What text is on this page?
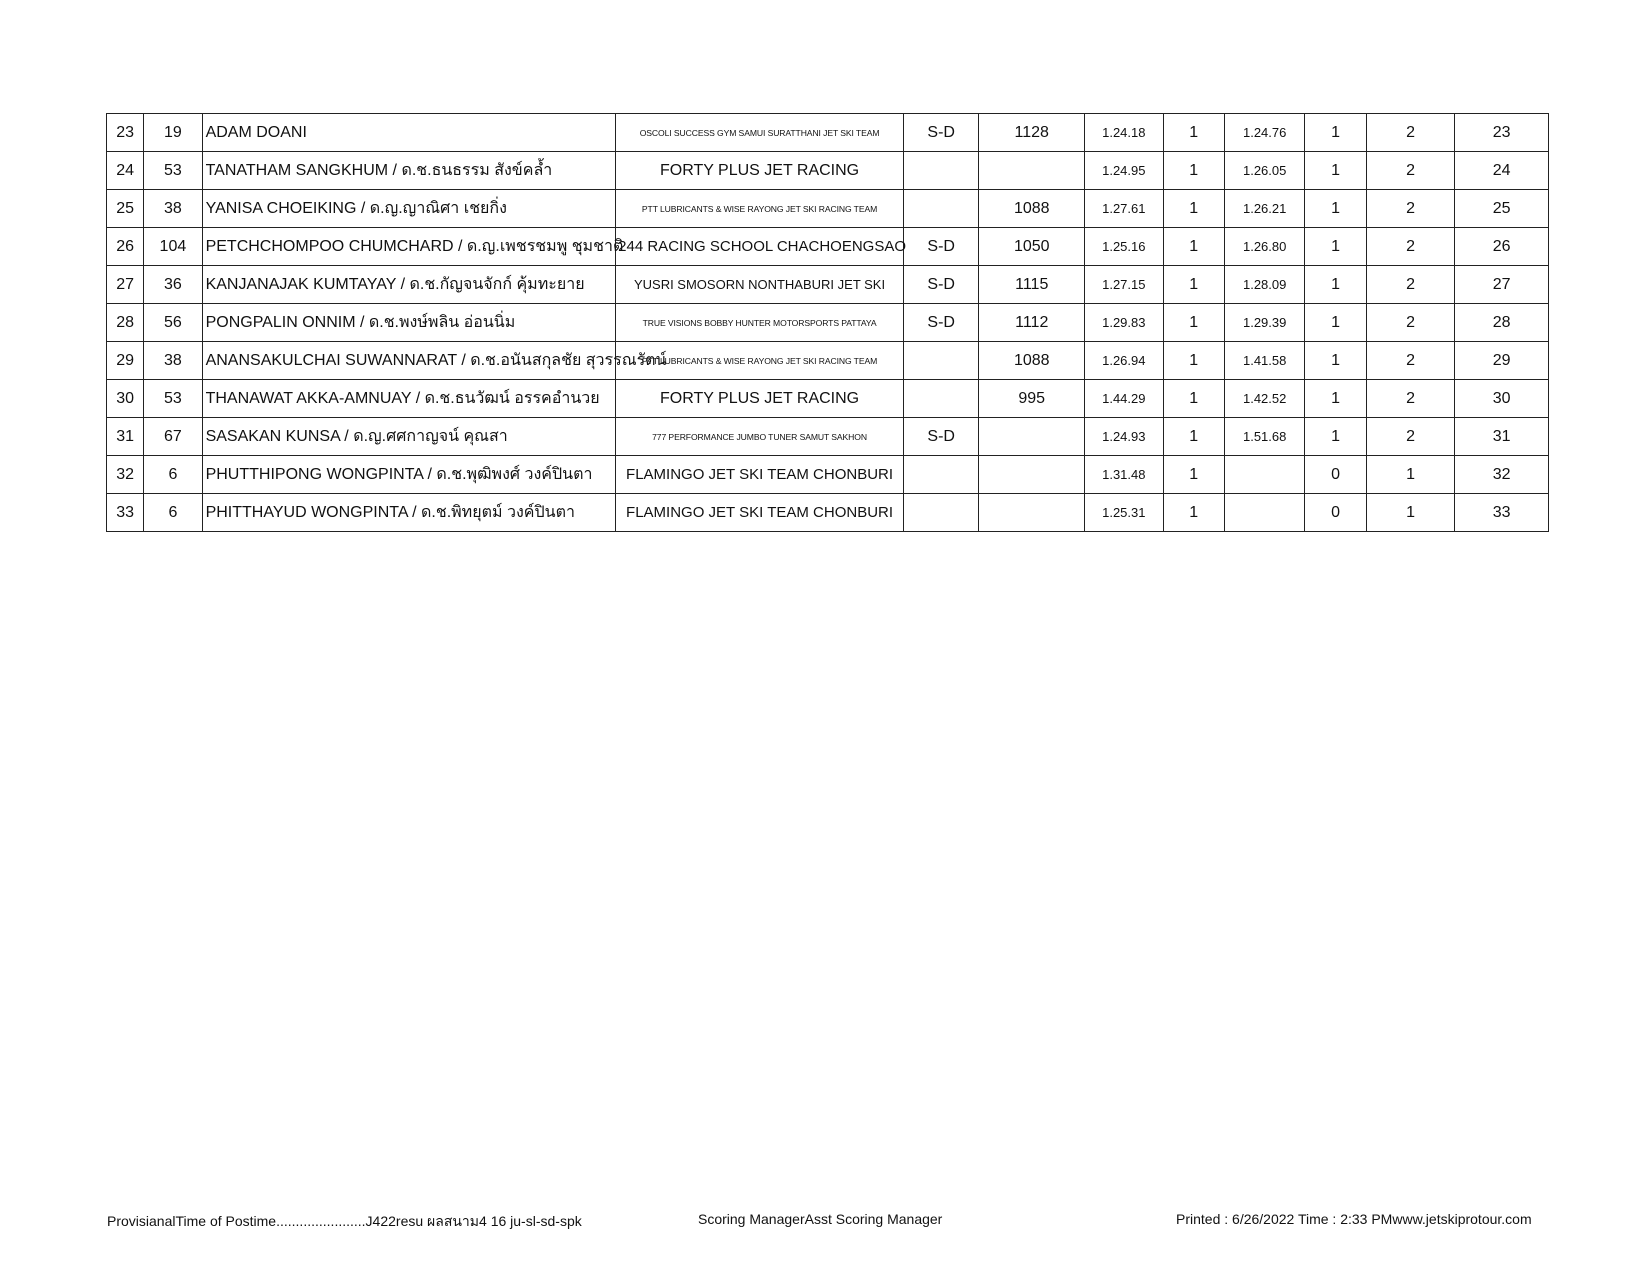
23	19	ADAM DOANI	OSCOLI SUCCESS GYM SAMUI SURATTHANI JET SKI TEAM	S-D	1128	1.24.18	1	1.24.76	1	2	23
24	53	TANATHAM SANGKHUM / ด.ช.ธนธรรม สังข์คล้ำ	FORTY PLUS JET RACING			1.24.95	1	1.26.05	1	2	24
25	38	YANISA CHOEIKING / ด.ญ.ญาณิศา เชยกิ่ง	PTT LUBRICANTS & WISE RAYONG JET SKI RACING TEAM		1088	1.27.61	1	1.26.21	1	2	25
26	104	PETCHCHOMPOO CHUMCHARD / ด.ญ.เพชรชมพู ชุมชาติ	244 RACING SCHOOL CHACHOENGSAO	S-D	1050	1.25.16	1	1.26.80	1	2	26
27	36	KANJANAJAK KUMTAYAY / ด.ช.กัญจนจักก์ คุ้มทะยาย	YUSRI SMOSORN NONTHABURI JET SKI	S-D	1115	1.27.15	1	1.28.09	1	2	27
28	56	PONGPALIN ONNIM / ด.ช.พงษ์พลิน อ่อนนิ่ม	TRUE VISIONS BOBBY HUNTER MOTORSPORTS PATTAYA	S-D	1112	1.29.83	1	1.29.39	1	2	28
29	38	ANANSAKULCHAI SUWANNARAT / ด.ช.อนันสกุลชัย สุวรรณรัตน์	PTT LUBRICANTS & WISE RAYONG JET SKI RACING TEAM		1088	1.26.94	1	1.41.58	1	2	29
30	53	THANAWAT AKKA-AMNUAY / ด.ช.ธนวัฒน์ อรรคอำนวย	FORTY PLUS JET RACING		995	1.44.29	1	1.42.52	1	2	30
31	67	SASAKAN KUNSA / ด.ญ.ศศกาญจน์ คุณสา	777 PERFORMANCE JUMBO TUNER SAMUT SAKHON	S-D		1.24.93	1	1.51.68	1	2	31
32	6	PHUTTHIPONG WONGPINTA / ด.ช.พุฒิพงศ์ วงค์ปินตา	FLAMINGO JET SKI TEAM CHONBURI			1.31.48	1		0	1	32
33	6	PHITTHAYUD WONGPINTA / ด.ช.พิทยุตม์ วงค์ปินตา	FLAMINGO JET SKI TEAM CHONBURI			1.25.31	1		0	1	33
ProvisianalTime of Postime.......................J422resu ผลสนาม4 16 ju-sl-sd-spk	Scoring ManagerAsst Scoring Manager	Printed : 6/26/2022 Time : 2:33 PMwww.jetskiprotour.com
